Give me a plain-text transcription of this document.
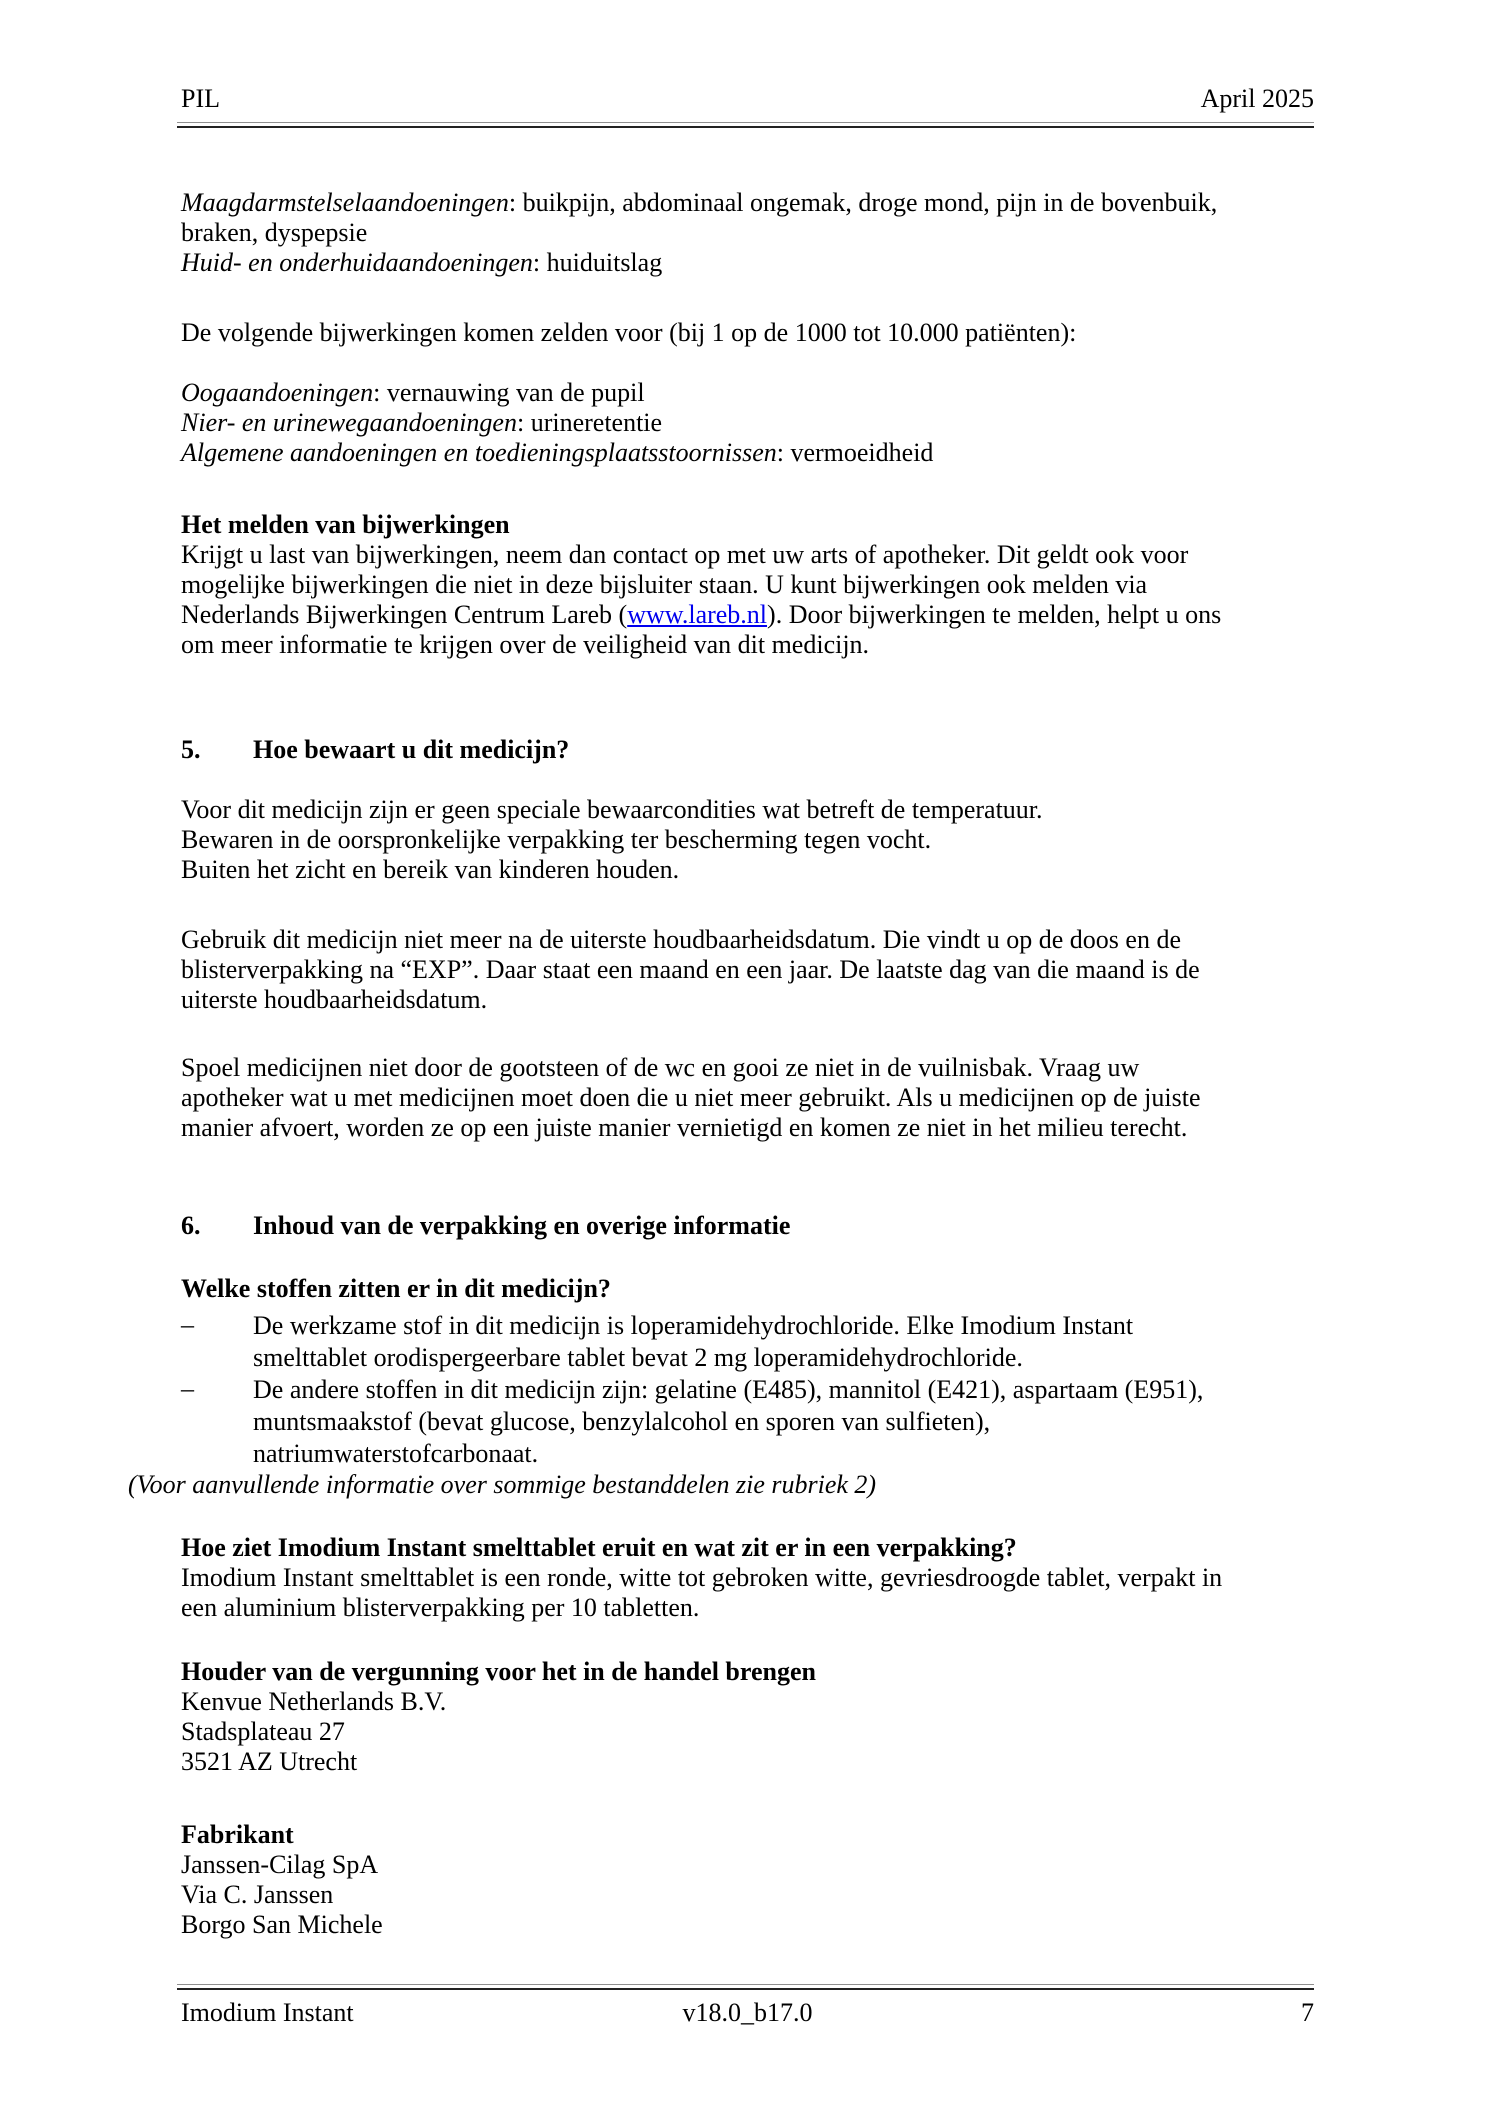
PIL	April 2025
Maagdarmstelselaandoeningen: buikpijn, abdominaal ongemak, droge mond, pijn in de bovenbuik,
braken, dyspepsie
Huid- en onderhuidaandoeningen: huiduitslag
De volgende bijwerkingen komen zelden voor (bij 1 op de 1000 tot 10.000 patiënten):
Oogaandoeningen: vernauwing van de pupil
Nier- en urinewegaandoeningen: urineretentie
Algemene aandoeningen en toedieningsplaatsstoornissen: vermoeidheid
Het melden van bijwerkingen
Krijgt u last van bijwerkingen, neem dan contact op met uw arts of apotheker. Dit geldt ook voor
mogelijke bijwerkingen die niet in deze bijsluiter staan. U kunt bijwerkingen ook melden via
Nederlands Bijwerkingen Centrum Lareb (www.lareb.nl). Door bijwerkingen te melden, helpt u ons
om meer informatie te krijgen over de veiligheid van dit medicijn.
5.	Hoe bewaart u dit medicijn?
Voor dit medicijn zijn er geen speciale bewaarcondities wat betreft de temperatuur.
Bewaren in de oorspronkelijke verpakking ter bescherming tegen vocht.
Buiten het zicht en bereik van kinderen houden.
Gebruik dit medicijn niet meer na de uiterste houdbaarheidsdatum. Die vindt u op de doos en de
blisterverpakking na “EXP”. Daar staat een maand en een jaar. De laatste dag van die maand is de
uiterste houdbaarheidsdatum.
Spoel medicijnen niet door de gootsteen of de wc en gooi ze niet in de vuilnisbak. Vraag uw
apotheker wat u met medicijnen moet doen die u niet meer gebruikt. Als u medicijnen op de juiste
manier afvoert, worden ze op een juiste manier vernietigd en komen ze niet in het milieu terecht.
6.	Inhoud van de verpakking en overige informatie
Welke stoffen zitten er in dit medicijn?
–	De werkzame stof in dit medicijn is loperamidehydrochloride. Elke Imodium Instant
smelttablet orodispergeerbare tablet bevat 2 mg loperamidehydrochloride.
–	De andere stoffen in dit medicijn zijn: gelatine (E485), mannitol (E421), aspartaam (E951),
muntsmaakstof (bevat glucose, benzylalcohol en sporen van sulfieten),
natriumwaterstofcarbonaat.
(Voor aanvullende informatie over sommige bestanddelen zie rubriek 2)
Hoe ziet Imodium Instant smelttablet eruit en wat zit er in een verpakking?
Imodium Instant smelttablet is een ronde, witte tot gebroken witte, gevriesdroogde tablet, verpakt in
een aluminium blisterverpakking per 10 tabletten.
Houder van de vergunning voor het in de handel brengen
Kenvue Netherlands B.V.
Stadsplateau 27
3521 AZ Utrecht
Fabrikant
Janssen-Cilag SpA
Via C. Janssen
Borgo San Michele
Imodium Instant	v18.0_b17.0	7
